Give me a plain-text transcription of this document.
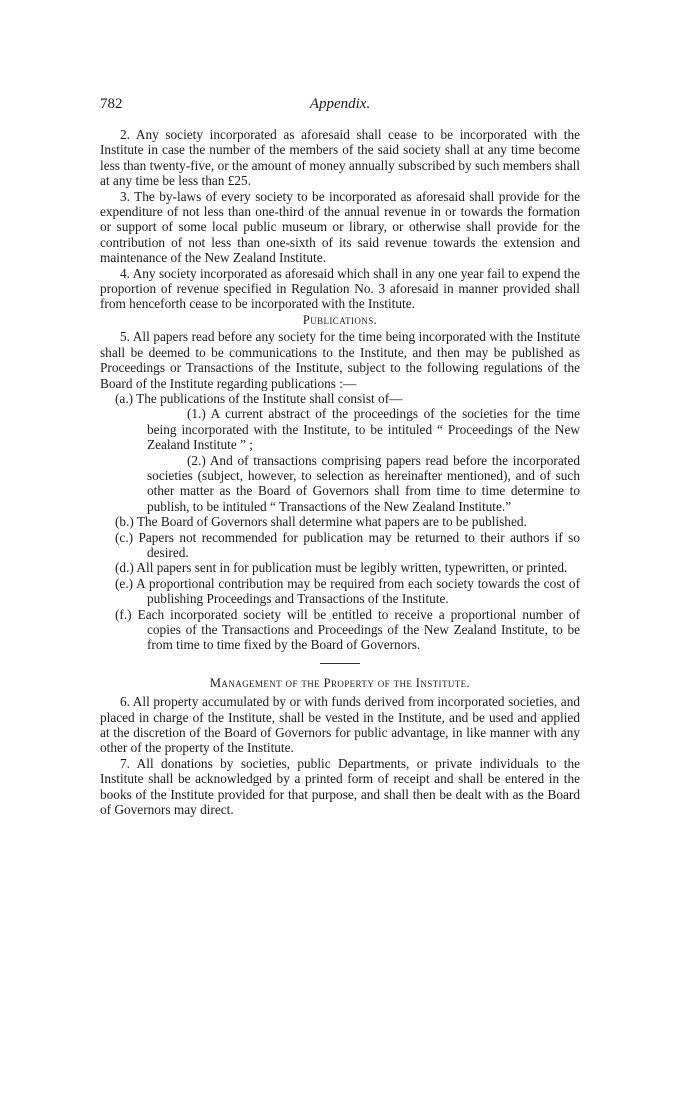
782	Appendix.

2. Any society incorporated as aforesaid shall cease to be incorporated with the Institute in case the number of the members of the said society shall at any time become less than twenty-five, or the amount of money annually subscribed by such members shall at any time be less than £25.

3. The by-laws of every society to be incorporated as aforesaid shall provide for the expenditure of not less than one-third of the annual revenue in or towards the formation or support of some local public museum or library, or otherwise shall provide for the contribution of not less than one-sixth of its said revenue towards the extension and maintenance of the New Zealand Institute.

4. Any society incorporated as aforesaid which shall in any one year fail to expend the proportion of revenue specified in Regulation No. 3 aforesaid in manner provided shall from henceforth cease to be incorporated with the Institute.

Publications.

5. All papers read before any society for the time being incorporated with the Institute shall be deemed to be communications to the Institute, and then may be published as Proceedings or Transactions of the Institute, subject to the following regulations of the Board of the Institute regarding publications :—

(a.) The publications of the Institute shall consist of—

(1.) A current abstract of the proceedings of the societies for the time being incorporated with the Institute, to be intituled “ Proceedings of the New Zealand Institute ” ;

(2.) And of transactions comprising papers read before the incorporated societies (subject, however, to selection as hereinafter mentioned), and of such other matter as the Board of Governors shall from time to time determine to publish, to be intituled “ Transactions of the New Zealand Institute.”

(b.) The Board of Governors shall determine what papers are to be published.

(c.) Papers not recommended for publication may be returned to their authors if so desired.

(d.) All papers sent in for publication must be legibly written, typewritten, or printed.

(e.) A proportional contribution may be required from each society towards the cost of publishing Proceedings and Transactions of the Institute.

(f.) Each incorporated society will be entitled to receive a proportional number of copies of the Transactions and Proceedings of the New Zealand Institute, to be from time to time fixed by the Board of Governors.

Management of the Property of the Institute.

6. All property accumulated by or with funds derived from incorporated societies, and placed in charge of the Institute, shall be vested in the Institute, and be used and applied at the discretion of the Board of Governors for public advantage, in like manner with any other of the property of the Institute.

7. All donations by societies, public Departments, or private individuals to the Institute shall be acknowledged by a printed form of receipt and shall be entered in the books of the Institute provided for that purpose, and shall then be dealt with as the Board of Governors may direct.
